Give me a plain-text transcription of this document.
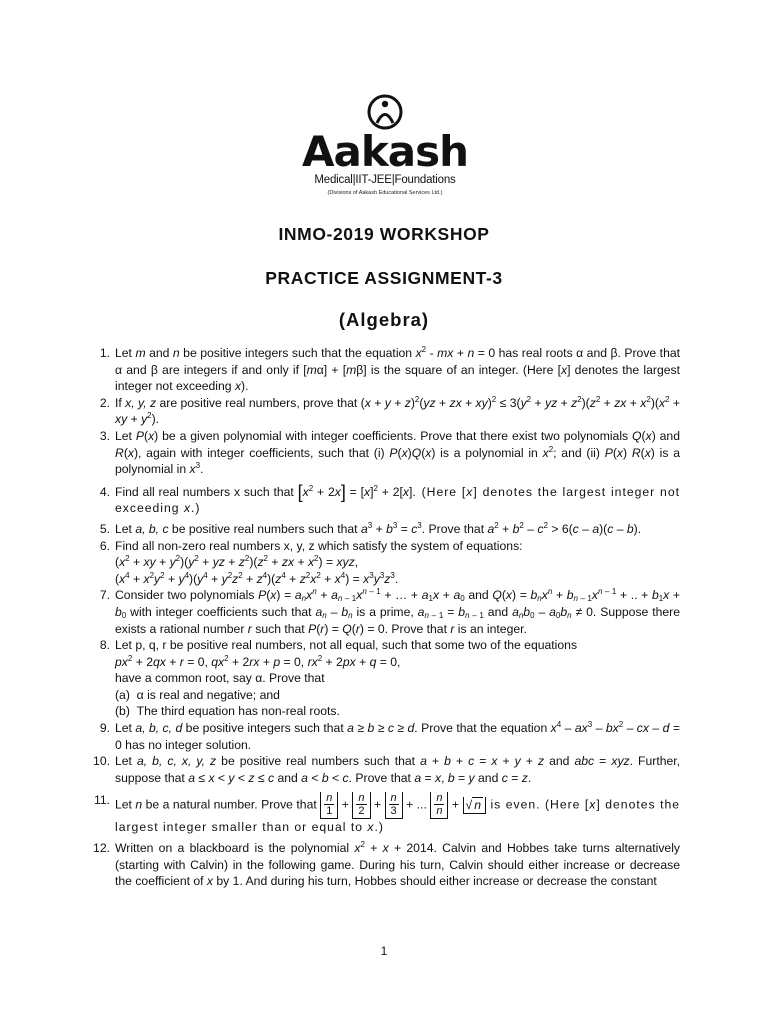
Aakash
Medical|IIT-JEE|Foundations
(Divisions of Aakash Educational Services Ltd.)
INMO-2019 WORKSHOP
PRACTICE ASSIGNMENT-3
(Algebra)
1. Let m and n be positive integers such that the equation $x^2$ - mx + n = 0 has real roots α and β. Prove that α and β are integers if and only if [mα] + [mβ] is the square of an integer. (Here [x] denotes the largest integer not exceeding x).
2. If x, y, z are positive real numbers, prove that $(x + y + z)^2(yz$ + zx + $xy)^2 \le 3(y^2$ + yz + $z^2)(z^2$ + zx + $x^2)(x^2$ + xy + $y^2$).
3. Let P(x) be a given polynomial with integer coefficients. Prove that there exist two polynomials Q(x) and R(x), again with integer coefficients, such that (i) P(x)Q(x) is a polynomial in $x^2$; and (ii) P(x) R(x) is a polynomial in $x^3$.
4. Find all real numbers x such that $[x^2 + 2x] = [x]^2 + 2[x]$. (Here [x] denotes the largest integer not exceeding x.)
5. Let a, b, c be positive real numbers such that $a^3 + b^3 = c^3$. Prove that $a^2 + b^2 - c^2 > 6(c - a)(c - b)$.
6. Find all non-zero real numbers x, y, z which satisfy the system of equations:
($x^2$ + xy + $y^2)(y^2$ + yz + $z^2)(z^2$ + zx + $x^2$) = xyz,
$(x^4 + x^2y^2 + y^4)(y^4 + y^2z^2 + z^4)(z^4 + z^2x^2 + x^4) = x^3y^3z^3$.
7. Consider two polynomials $P(x) = a_nx^n + a_{n - 1}x^{n - 1}$ + … + $a_1x + a_0$ and $Q(x) = b_nx^n + b_{n - 1}x^{n - 1}$ + .. + $b_1x + b_0$ with integer coefficients such that $a_n - b_n$ is a prime, $a_{n - 1} = b_{n - 1}$ and $a_nb_0 - a_0b_n \ne 0$. Suppose there exists a rational number r such that P(r) = Q(r) = 0. Prove that r is an integer.
8. Let p, q, r be positive real numbers, not all equal, such that some two of the equations
$px^2 + 2qx + r = 0$, $qx^2 + 2rx + p = 0$, $rx^2 + 2px + q = 0$,
have a common root, say α. Prove that
(a)  α is real and negative; and
(b)  The third equation has non-real roots.
9. Let a, b, c, d be positive integers such that a ≥ b ≥ c ≥ d. Prove that the equation $x^4 - ax^3 - bx^2$ – cx – d = 0 has no integer solution.
10. Let a, b, c, x, y, z be positive real numbers such that a + b + c = x + y + z and abc = xyz. Further, suppose that a ≤ x < y < z ≤ c and a < b < c. Prove that a = x, b = y and c = z.
11. Let n be a natural number. Prove that $\frac{n}{1} + \frac{n}{2} + \frac{n}{3}$ + ... $\frac{n}{n}$ + √ n is even. (Here [x] denotes the largest integer smaller than or equal to x.)
12. Written on a blackboard is the polynomial $x^2 + x + 2014$. Calvin and Hobbes take turns alternatively (starting with Calvin) in the following game. During his turn, Calvin should either increase or decrease the coefficient of x by 1. And during his turn, Hobbes should either increase or decrease the constant
1
